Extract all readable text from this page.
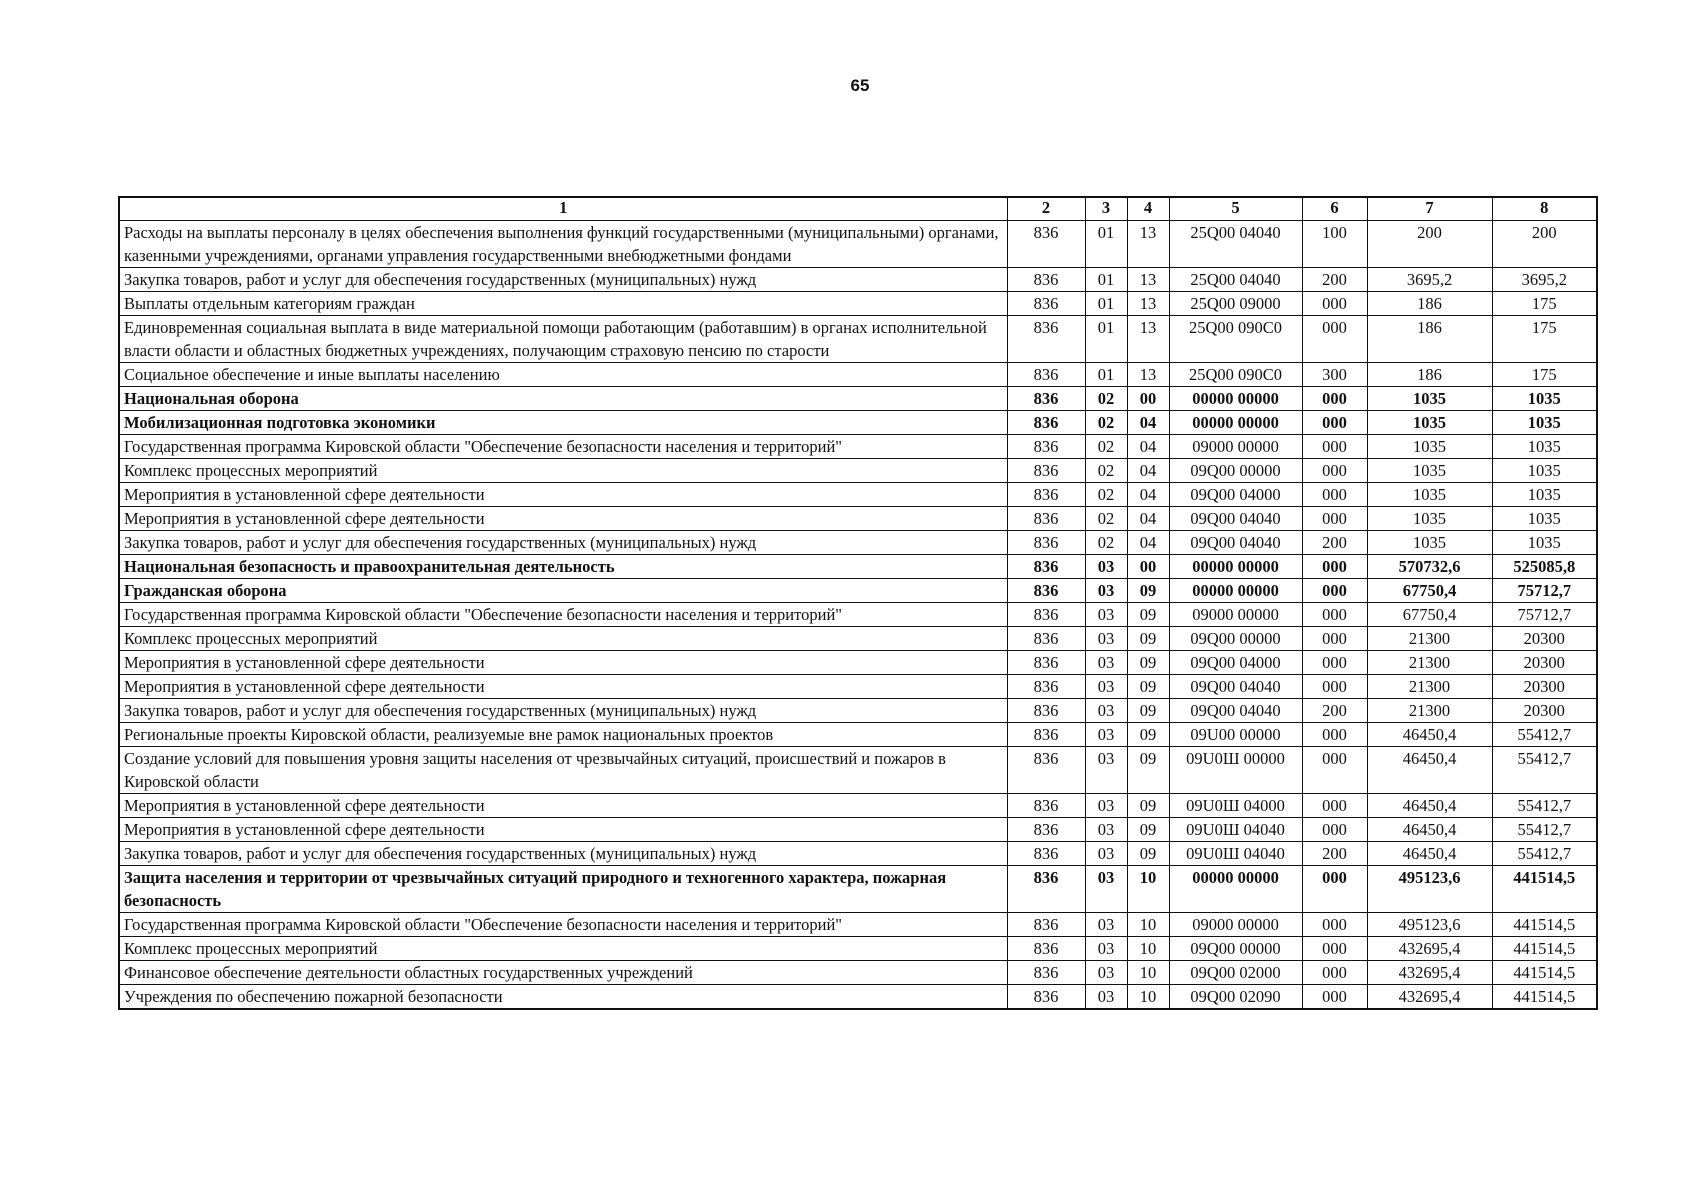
65
1	2	3	4	5	6	7	8
Расходы на выплаты персоналу в целях обеспечения выполнения функций государственными (муниципальными) органами, казенными учреждениями, органами управления государственными внебюджетными фондами	836	01	13	25Q00 04040	100	200	200
Закупка товаров, работ и услуг для обеспечения государственных (муниципальных) нужд	836	01	13	25Q00 04040	200	3695,2	3695,2
Выплаты отдельным категориям граждан	836	01	13	25Q00 09000	000	186	175
Единовременная социальная выплата в виде материальной помощи работающим (работавшим) в органах исполнительной власти области и областных бюджетных учреждениях, получающим страховую пенсию по старости	836	01	13	25Q00 090C0	000	186	175
Социальное обеспечение и иные выплаты населению	836	01	13	25Q00 090C0	300	186	175
Национальная оборона	836	02	00	00000 00000	000	1035	1035
Мобилизационная подготовка экономики	836	02	04	00000 00000	000	1035	1035
Государственная программа Кировской области "Обеспечение безопасности населения и территорий"	836	02	04	09000 00000	000	1035	1035
Комплекс процессных мероприятий	836	02	04	09Q00 00000	000	1035	1035
Мероприятия в установленной сфере деятельности	836	02	04	09Q00 04000	000	1035	1035
Мероприятия в установленной сфере деятельности	836	02	04	09Q00 04040	000	1035	1035
Закупка товаров, работ и услуг для обеспечения государственных (муниципальных) нужд	836	02	04	09Q00 04040	200	1035	1035
Национальная безопасность и правоохранительная деятельность	836	03	00	00000 00000	000	570732,6	525085,8
Гражданская оборона	836	03	09	00000 00000	000	67750,4	75712,7
Государственная программа Кировской области "Обеспечение безопасности населения и территорий"	836	03	09	09000 00000	000	67750,4	75712,7
Комплекс процессных мероприятий	836	03	09	09Q00 00000	000	21300	20300
Мероприятия в установленной сфере деятельности	836	03	09	09Q00 04000	000	21300	20300
Мероприятия в установленной сфере деятельности	836	03	09	09Q00 04040	000	21300	20300
Закупка товаров, работ и услуг для обеспечения государственных (муниципальных) нужд	836	03	09	09Q00 04040	200	21300	20300
Региональные проекты Кировской области, реализуемые вне рамок национальных проектов	836	03	09	09U00 00000	000	46450,4	55412,7
Создание условий для повышения уровня защиты населения от чрезвычайных ситуаций, происшествий и пожаров в Кировской области	836	03	09	09U0Ш 00000	000	46450,4	55412,7
Мероприятия в установленной сфере деятельности	836	03	09	09U0Ш 04000	000	46450,4	55412,7
Мероприятия в установленной сфере деятельности	836	03	09	09U0Ш 04040	000	46450,4	55412,7
Закупка товаров, работ и услуг для обеспечения государственных (муниципальных) нужд	836	03	09	09U0Ш 04040	200	46450,4	55412,7
Защита населения и территории от чрезвычайных ситуаций природного и техногенного характера, пожарная безопасность	836	03	10	00000 00000	000	495123,6	441514,5
Государственная программа Кировской области "Обеспечение безопасности населения и территорий"	836	03	10	09000 00000	000	495123,6	441514,5
Комплекс процессных мероприятий	836	03	10	09Q00 00000	000	432695,4	441514,5
Финансовое обеспечение деятельности областных государственных учреждений	836	03	10	09Q00 02000	000	432695,4	441514,5
Учреждения по обеспечению пожарной безопасности	836	03	10	09Q00 02090	000	432695,4	441514,5
